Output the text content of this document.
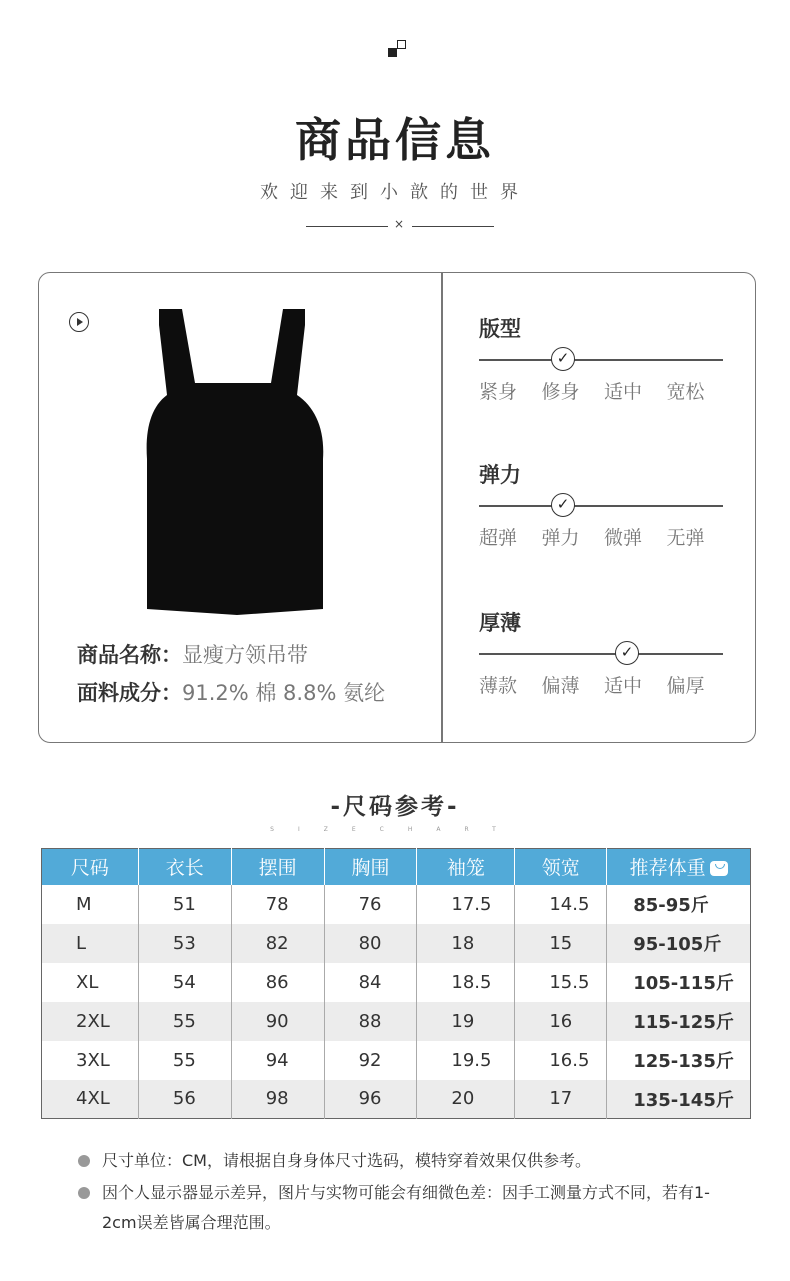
商品信息
欢迎来到小歆的世界
×
商品名称：显瘦方领吊带
面料成分：91.2% 棉 8.8% 氨纶
版型
✓
紧身	修身	适中	宽松
弹力
✓
超弹	弹力	微弹	无弹
厚薄
✓
薄款	偏薄	适中	偏厚
-尺码参考-
SIZECHART
尺码	衣长	摆围	胸围	袖笼	领宽	推荐体重
M	51	78	76	17.5	14.5	85-95斤
L	53	82	80	18	15	95-105斤
XL	54	86	84	18.5	15.5	105-115斤
2XL	55	90	88	19	16	115-125斤
3XL	55	94	92	19.5	16.5	125-135斤
4XL	56	98	96	20	17	135-145斤
尺寸单位：CM，请根据自身身体尺寸选码，模特穿着效果仅供参考。
因个人显示器显示差异，图片与实物可能会有细微色差：因手工测量方式不同，若有1-2cm误差皆属合理范围。
